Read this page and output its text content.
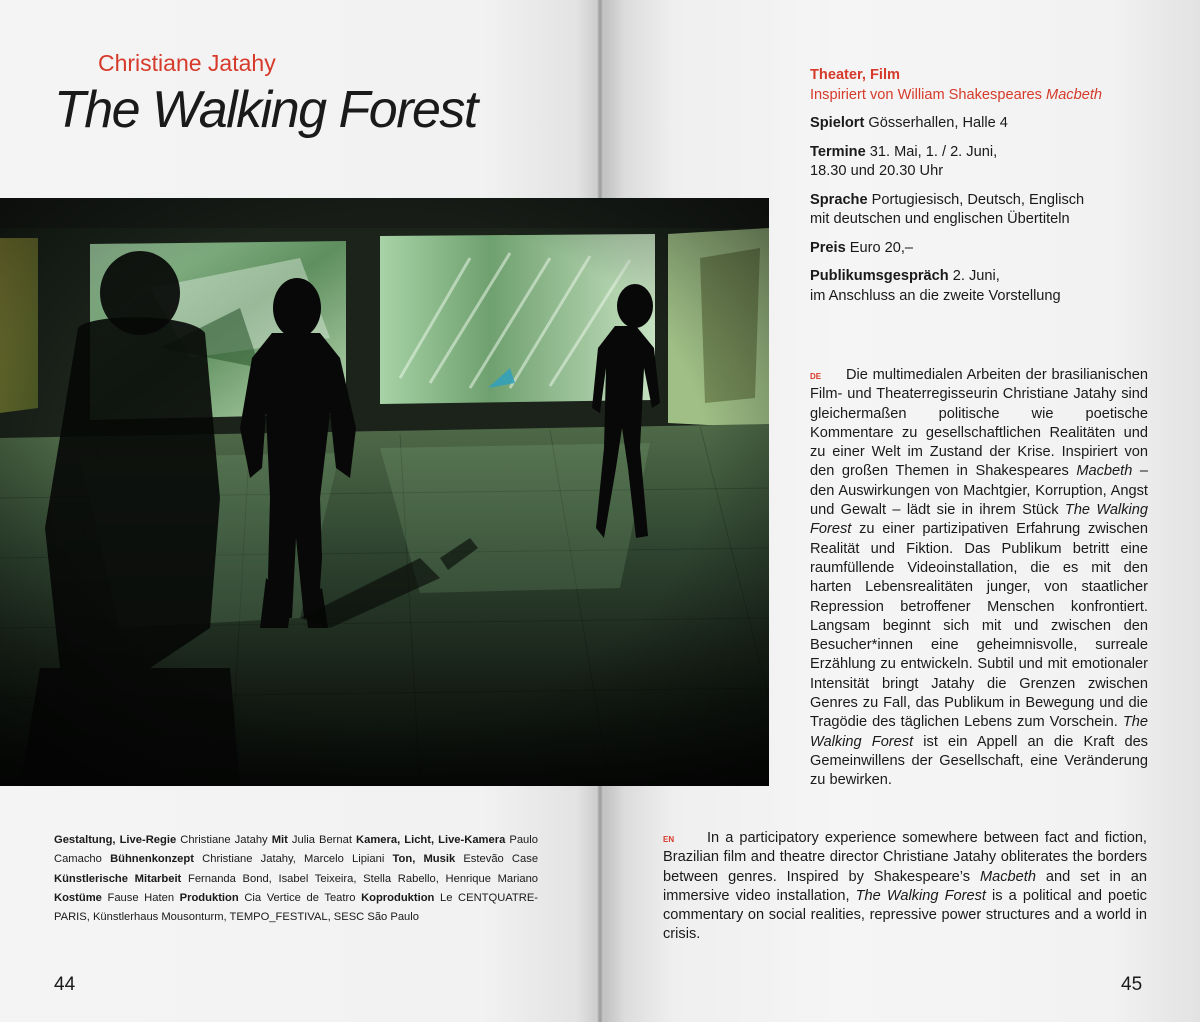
Christiane Jatahy
The Walking Forest

Gestaltung, Live-Regie Christiane Jatahy Mit Julia Bernat Kamera, Licht, Live-Kamera Paulo Camacho Bühnenkonzept Christiane Jatahy, Marcelo Lipiani Ton, Musik Estevão Case Künstlerische Mitarbeit Fernanda Bond, Isabel Teixeira, Stella Rabello, Henrique Mariano Kostüme Fause Haten Produktion Cia Vertice de Teatro Koproduktion Le CENTQUATRE-PARIS, Künstlerhaus Mousonturm, TEMPO_FESTIVAL, SESC São Paulo

44

Theater, Film

Inspiriert von William Shakespeares Macbeth

Spielort Gösserhallen, Halle 4

Termine 31. Mai, 1. / 2. Juni,

18.30 und 20.30 Uhr

Sprache Portugiesisch, Deutsch, Englisch

mit deutschen und englischen Übertiteln

Preis Euro 20,–

Publikumsgespräch 2. Juni,

im Anschluss an die zweite Vorstellung

DE Die multimedialen Arbeiten der brasilianischen Film- und Theaterregisseurin Christiane Jatahy sind gleichermaßen politische wie poetische Kommentare zu gesellschaftlichen Realitäten und zu einer Welt im Zustand der Krise. Inspiriert von den großen Themen in Shakespeares Macbeth – den Auswirkungen von Machtgier, Korruption, Angst und Gewalt – lädt sie in ihrem Stück The Walking Forest zu einer partizipativen Erfahrung zwischen Realität und Fiktion. Das Publikum betritt eine raumfüllende Videoinstallation, die es mit den harten Lebensrealitäten junger, von staatlicher Repression betroffener Menschen konfrontiert. Langsam beginnt sich mit und zwischen den Besucher*innen eine geheimnisvolle, surreale Erzählung zu entwickeln. Subtil und mit emotionaler Intensität bringt Jatahy die Grenzen zwischen Genres zu Fall, das Publikum in Bewegung und die Tragödie des täglichen Lebens zum Vorschein. The Walking Forest ist ein Appell an die Kraft des Gemeinwillens der Gesellschaft, eine Veränderung zu bewirken.

EN In a participatory experience somewhere between fact and fiction, Brazilian film and theatre director Christiane Jatahy obliterates the borders between genres. Inspired by Shakespeare’s Macbeth and set in an immersive video installation, The Walking Forest is a political and poetic commentary on social realities, repressive power structures and a world in crisis.

45
